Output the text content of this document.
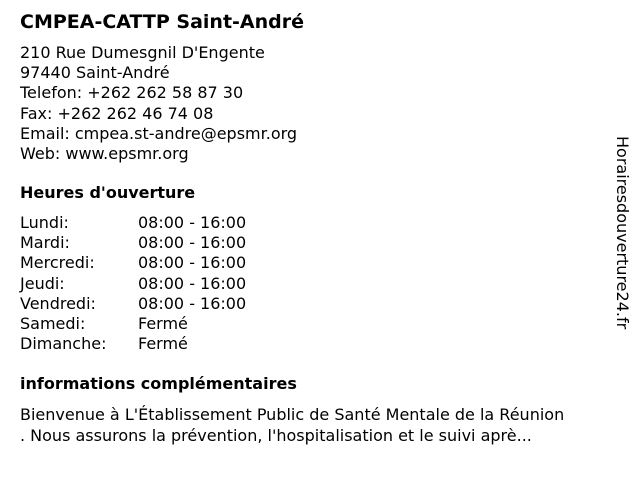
CMPEA-CATTP Saint-André
210 Rue Dumesgnil D'Engente
97440 Saint-André
Telefon: +262 262 58 87 30
Fax: +262 262 46 74 08
Email: cmpea.st-andre@epsmr.org
Web: www.epsmr.org
Heures d'ouverture
Lundi:	08:00 - 16:00
Mardi:	08:00 - 16:00
Mercredi:	08:00 - 16:00
Jeudi:	08:00 - 16:00
Vendredi:	08:00 - 16:00
Samedi:	Fermé
Dimanche:	Fermé
informations complémentaires
Bienvenue à L'Établissement Public de Santé Mentale de la Réunion
. Nous assurons la prévention, l'hospitalisation et le suivi aprè...
Horairesdouverture24.fr
